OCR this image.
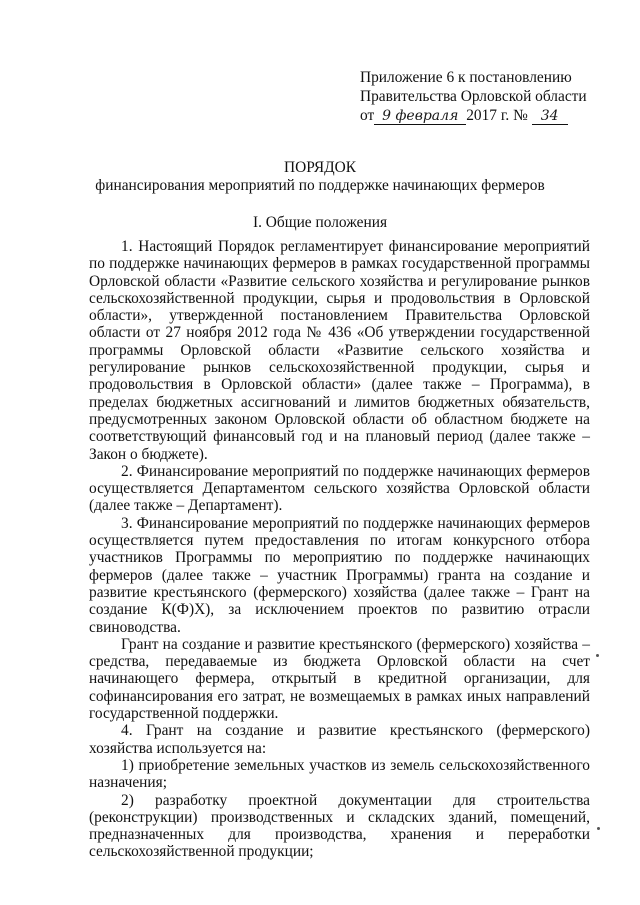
Приложение 6 к постановлению
Правительства Орловской области
от 9 февраля 2017 г. № 34
ПОРЯДОК
финансирования мероприятий по поддержке начинающих фермеров
I. Общие положения

1. Настоящий Порядок регламентирует финансирование мероприятий по поддержке начинающих фермеров в рамках государственной программы Орловской области «Развитие сельского хозяйства и регулирование рынков сельскохозяйственной продукции, сырья и продовольствия в Орловской области», утвержденной постановлением Правительства Орловской области от 27 ноября 2012 года № 436 «Об утверждении государственной программы Орловской области «Развитие сельского хозяйства и регулирование рынков сельскохозяйственной продукции, сырья и продовольствия в Орловской области» (далее также – Программа), в пределах бюджетных ассигнований и лимитов бюджетных обязательств, предусмотренных законом Орловской области об областном бюджете на соответствующий финансовый год и на плановый период (далее также – Закон о бюджете).

2. Финансирование мероприятий по поддержке начинающих фермеров осуществляется Департаментом сельского хозяйства Орловской области (далее также – Департамент).

3. Финансирование мероприятий по поддержке начинающих фермеров осуществляется путем предоставления по итогам конкурсного отбора участников Программы по мероприятию по поддержке начинающих фермеров (далее также – участник Программы) гранта на создание и развитие крестьянского (фермерского) хозяйства (далее также – Грант на создание К(Ф)Х), за исключением проектов по развитию отрасли свиноводства.

Грант на создание и развитие крестьянского (фермерского) хозяйства – средства, передаваемые из бюджета Орловской области на счет начинающего фермера, открытый в кредитной организации, для софинансирования его затрат, не возмещаемых в рамках иных направлений государственной поддержки.

4. Грант на создание и развитие крестьянского (фермерского) хозяйства используется на:

1) приобретение земельных участков из земель сельскохозяйственного назначения;

2) разработку проектной документации для строительства (реконструкции) производственных и складских зданий, помещений, предназначенных для производства, хранения и переработки сельскохозяйственной продукции;
